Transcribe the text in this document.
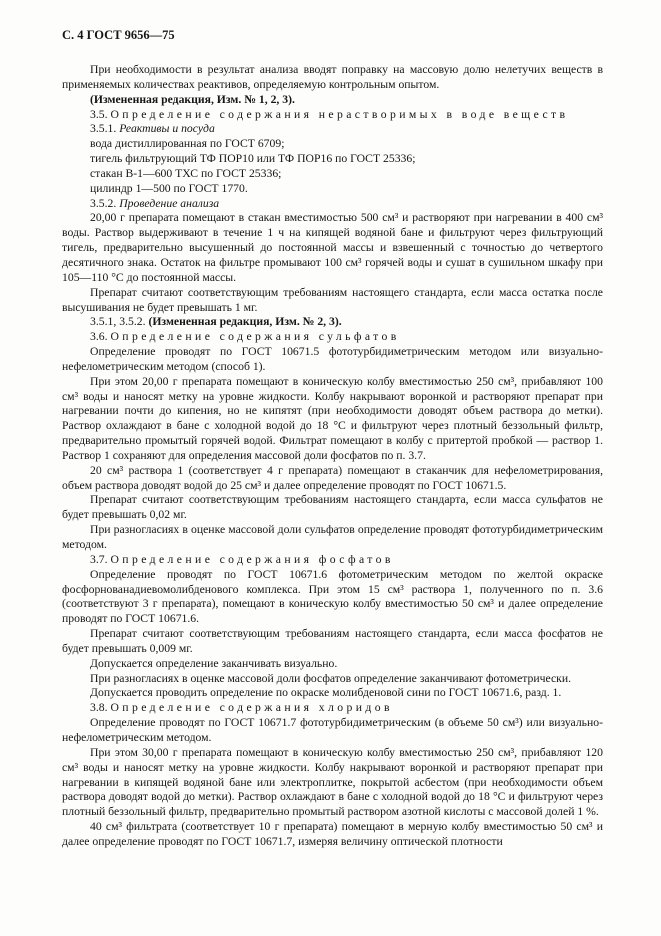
С. 4 ГОСТ 9656—75

При необходимости в результат анализа вводят поправку на массовую долю нелетучих веществ в применяемых количествах реактивов, определяемую контрольным опытом.

(Измененная редакция, Изм. № 1, 2, 3).

3.5. Определение содержания нерастворимых в воде веществ

3.5.1. Реактивы и посуда

вода дистиллированная по ГОСТ 6709;

тигель фильтрующий ТФ ПОР10 или ТФ ПОР16 по ГОСТ 25336;

стакан В-1—600 ТХС по ГОСТ 25336;

цилиндр 1—500 по ГОСТ 1770.

3.5.2. Проведение анализа

20,00 г препарата помещают в стакан вместимостью 500 см³ и растворяют при нагревании в 400 см³ воды. Раствор выдерживают в течение 1 ч на кипящей водяной бане и фильтруют через фильтрующий тигель, предварительно высушенный до постоянной массы и взвешенный с точностью до четвертого десятичного знака. Остаток на фильтре промывают 100 см³ горячей воды и сушат в сушильном шкафу при 105—110 °С до постоянной массы.

Препарат считают соответствующим требованиям настоящего стандарта, если масса остатка после высушивания не будет превышать 1 мг.

3.5.1, 3.5.2. (Измененная редакция, Изм. № 2, 3).

3.6. Определение содержания сульфатов

Определение проводят по ГОСТ 10671.5 фототурбидиметрическим методом или визуально-нефелометрическим методом (способ 1).

При этом 20,00 г препарата помещают в коническую колбу вместимостью 250 см³, прибавляют 100 см³ воды и наносят метку на уровне жидкости. Колбу накрывают воронкой и растворяют препарат при нагревании почти до кипения, но не кипятят (при необходимости доводят объем раствора до метки). Раствор охлаждают в бане с холодной водой до 18 °С и фильтруют через плотный беззольный фильтр, предварительно промытый горячей водой. Фильтрат помещают в колбу с притертой пробкой — раствор 1. Раствор 1 сохраняют для определения массовой доли фосфатов по п. 3.7.

20 см³ раствора 1 (соответствует 4 г препарата) помещают в стаканчик для нефелометрирования, объем раствора доводят водой до 25 см³ и далее определение проводят по ГОСТ 10671.5.

Препарат считают соответствующим требованиям настоящего стандарта, если масса сульфатов не будет превышать 0,02 мг.

При разногласиях в оценке массовой доли сульфатов определение проводят фототурбидиметрическим методом.

3.7. Определение содержания фосфатов

Определение проводят по ГОСТ 10671.6 фотометрическим методом по желтой окраске фосфорнованадиевомолибденового комплекса. При этом 15 см³ раствора 1, полученного по п. 3.6 (соответствуют 3 г препарата), помещают в коническую колбу вместимостью 50 см³ и далее определение проводят по ГОСТ 10671.6.

Препарат считают соответствующим требованиям настоящего стандарта, если масса фосфатов не будет превышать 0,009 мг.

Допускается определение заканчивать визуально.

При разногласиях в оценке массовой доли фосфатов определение заканчивают фотометрически.

Допускается проводить определение по окраске молибденовой сини по ГОСТ 10671.6, разд. 1.

3.8. Определение содержания хлоридов

Определение проводят по ГОСТ 10671.7 фототурбидиметрическим (в объеме 50 см³) или визуально-нефелометрическим методом.

При этом 30,00 г препарата помещают в коническую колбу вместимостью 250 см³, прибавляют 120 см³ воды и наносят метку на уровне жидкости. Колбу накрывают воронкой и растворяют препарат при нагревании в кипящей водяной бане или электроплитке, покрытой асбестом (при необходимости объем раствора доводят водой до метки). Раствор охлаждают в бане с холодной водой до 18 °С и фильтруют через плотный беззольный фильтр, предварительно промытый раствором азотной кислоты с массовой долей 1 %.

40 см³ фильтрата (соответствует 10 г препарата) помещают в мерную колбу вместимостью 50 см³ и далее определение проводят по ГОСТ 10671.7, измеряя величину оптической плотности
